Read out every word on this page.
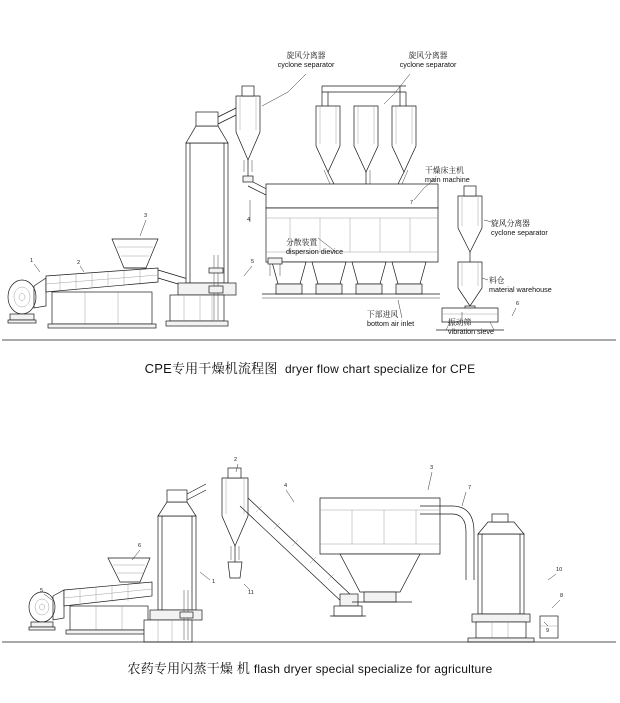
1	2
3
4
5
7
6
旋风分离器
cyclone separator
旋风分离器
cyclone separator
干燥床主机
main machine
旋风分离器
cyclone separator
分散装置
dispersion dievice
料仓
material warehouse
下部进风
bottom air inlet	振动筛
vibration sieve
CPE专用干燥机流程图 dryer flow chart specialize for CPE
5
6
1
2
4
3
7
10
8
9
11
农药专用闪蒸干燥 机 flash dryer special specialize for agriculture
